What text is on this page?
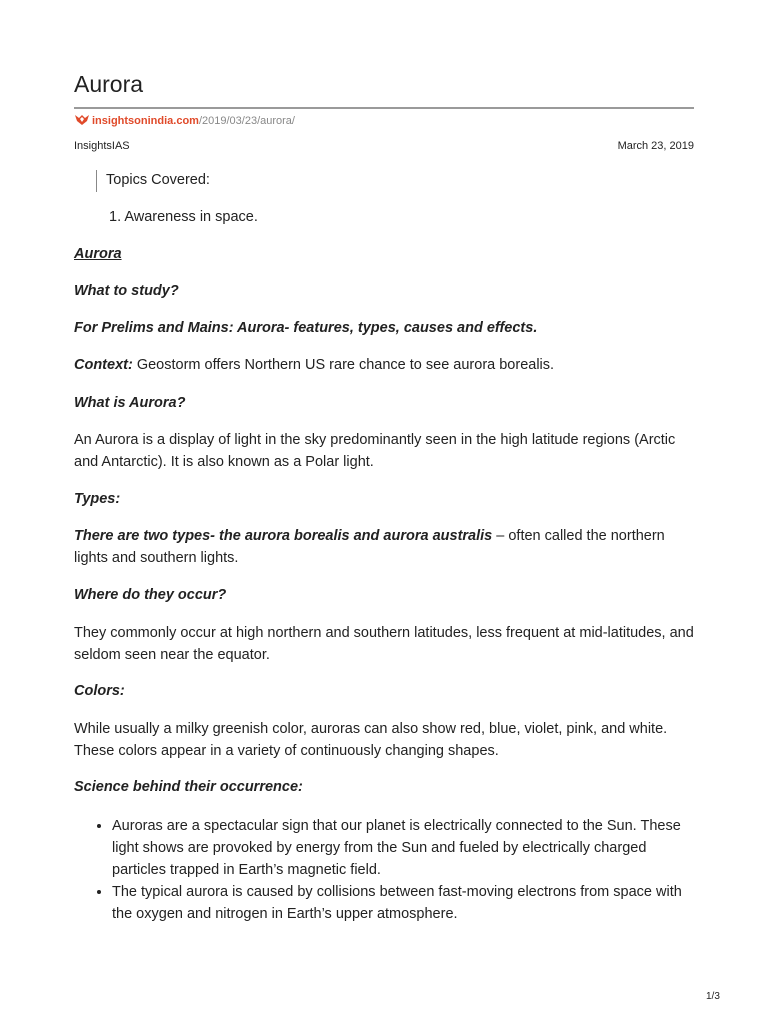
Aurora
insightsonindia.com/2019/03/23/aurora/
InsightsIAS	March 23, 2019
Topics Covered:
1. Awareness in space.

Aurora

What to study?

For Prelims and Mains: Aurora- features, types, causes and effects.

Context: Geostorm offers Northern US rare chance to see aurora borealis.

What is Aurora?

An Aurora is a display of light in the sky predominantly seen in the high latitude regions (Arctic and Antarctic). It is also known as a Polar light.

Types:

There are two types- the aurora borealis and aurora australis – often called the northern lights and southern lights.

Where do they occur?

They commonly occur at high northern and southern latitudes, less frequent at mid-latitudes, and seldom seen near the equator.

Colors:

While usually a milky greenish color, auroras can also show red, blue, violet, pink, and white. These colors appear in a variety of continuously changing shapes.

Science behind their occurrence:

• Auroras are a spectacular sign that our planet is electrically connected to the Sun. These light shows are provoked by energy from the Sun and fueled by electrically charged particles trapped in Earth’s magnetic field.
• The typical aurora is caused by collisions between fast-moving electrons from space with the oxygen and nitrogen in Earth’s upper atmosphere.
1/3
